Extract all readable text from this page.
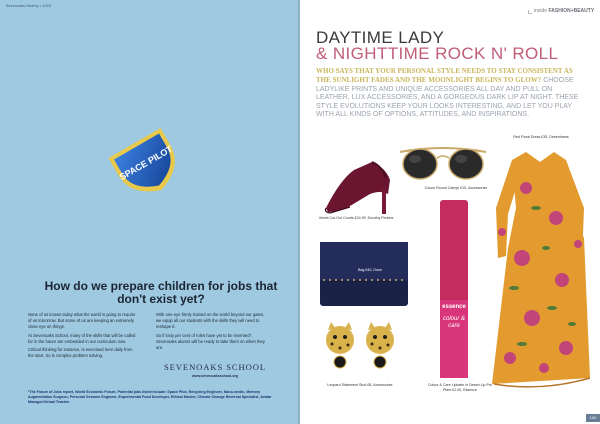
Sevenoaks Nearby ▪ 2023
SPACE PILOT
How do we prepare children for jobs that don't exist yet?

None of us knows today what the world is going to require of us tomorrow. But some of us are keeping an extremely close eye on things.

At Sevenoaks School, many of the skills that will be called for in the future are embedded in our curriculum now.

Critical thinking for instance, is exercised here daily from the start. So is complex problem solving.

With one eye firmly trained on the world beyond our gates, we equip all our students with the skills they will need to reshape it.

So if sixty per cent of roles have yet to be invented*, Sevenoaks alumni will be ready to take them on when they are.

SEVENOAKS SCHOOL
www.sevenoaksschool.org
*The Future of Jobs report, World Economic Forum. Potential jobs listed include: Space Pilot, Recycling Engineer, Nano-medic, Memory Augmentation Surgeon, Personal Genome Engineer, Experimental Food Developer, Ethical Hacker, Climate Change Reversal Specialist, Avatar Manager/Virtual Teacher
inside FASHION+BEAUTY
DAYTIME LADY
& NIGHTTIME ROCK N' ROLL
WHO SAYS THAT YOUR PERSONAL STYLE NEEDS TO STAY CONSISTENT AS THE SUNLIGHT FADES AND THE MOONLIGHT BEGINS TO GLOW? CHOOSE LADYLIKE PRINTS AND UNIQUE ACCESSORIES ALL DAY AND PULL ON LEATHER, LUX ACCESSORIES, AND A GORGEOUS DARK LIP AT NIGHT. THESE STYLE EVOLUTIONS KEEP YOUR LOOKS INTERESTING, AND LET YOU PLAY WITH ALL KINDS OF OPTIONS, ATTITUDES, AND INSPIRATIONS.
Velvet Cut-Out Courts £24.99, Dorothy Perkins
Colour Round Cateye £15, Accessorize
Red Floral Dress £35, Debenhams
Bag £40, Dune
Leopard Statement Stud £8, Accessorize
essence
colour & care
Colour & Care Lipbalm in Desert Lip Pro Plant £2.00, Essence
100
